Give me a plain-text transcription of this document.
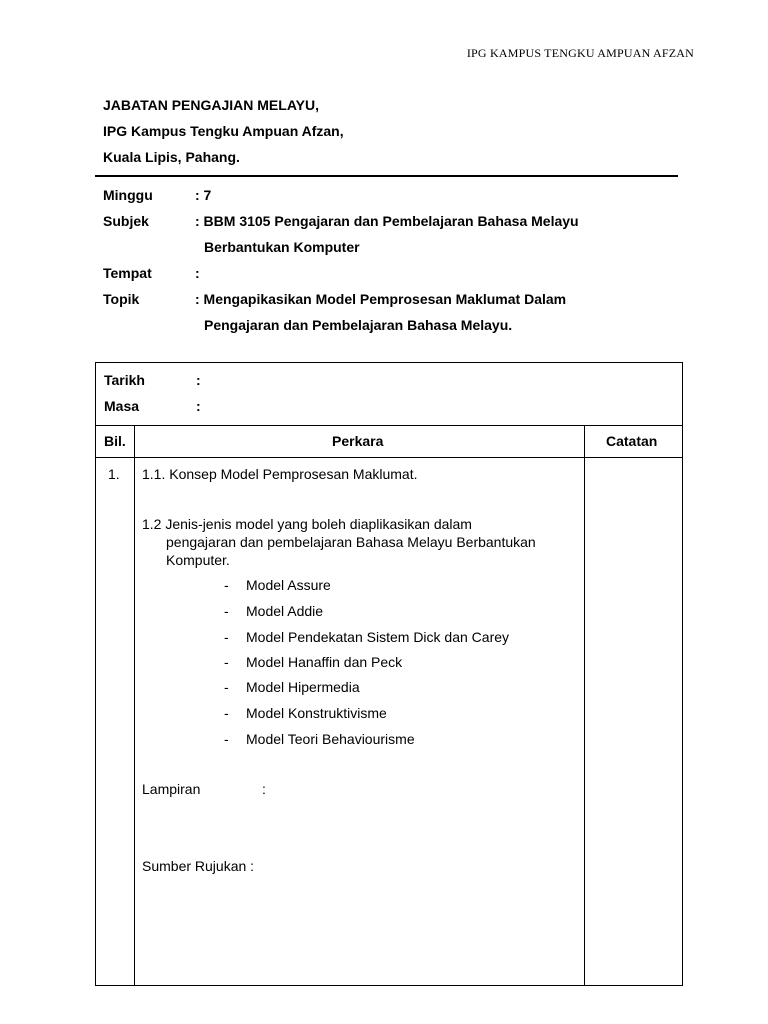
IPG KAMPUS TENGKU AMPUAN AFZAN
JABATAN PENGAJIAN MELAYU,
IPG Kampus Tengku Ampuan Afzan,
Kuala Lipis, Pahang.
Minggu	: 7
Subjek	: BBM 3105 Pengajaran dan Pembelajaran Bahasa Melayu
Berbantukan Komputer
Tempat	:
Topik	: Mengapikasikan Model Pemprosesan Maklumat Dalam
Pengajaran dan Pembelajaran Bahasa Melayu.
Tarikh	:
Masa	:
Bil.	Perkara	Catatan
1. 1.1. Konsep Model Pemprosesan Maklumat.
1.2 Jenis-jenis model yang boleh diaplikasikan dalam
pengajaran dan pembelajaran Bahasa Melayu Berbantukan
Komputer.
- Model Assure
- Model Addie
- Model Pendekatan Sistem Dick dan Carey
- Model Hanaffin dan Peck
- Model Hipermedia
- Model Konstruktivisme
- Model Teori Behaviourisme
Lampiran	:
Sumber Rujukan :
